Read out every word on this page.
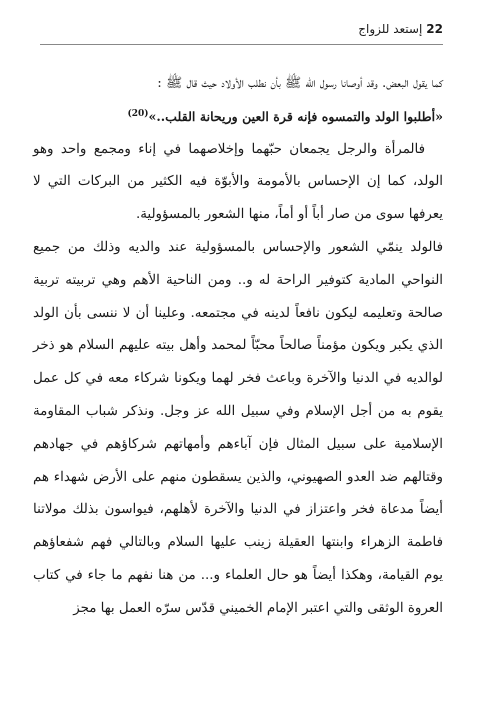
22
إستعد للزواج

كما يقول البعض. وقد أوصانا رسول الله ﷺ بأن نطلب الأولاد حيث قال ﷺ :

«أطلبوا الولد والتمسوه فإنه قرة العين وريحانة القلب..»$^{(20)}$

فالمرأة والرجل يجمعان حبّهما وإخلاصهما في إناء ومجمع واحد وهو الولد، كما إن الإحساس بالأمومة والأبوّة فيه الكثير من البركات التي لا يعرفها سوى من صار أباً أو أماً، منها الشعور بالمسؤولية.

فالولد ينمّي الشعور والإحساس بالمسؤولية عند والديه وذلك من جميع النواحي المادية كتوفير الراحة له و.. ومن الناحية الأهم وهي تربيته تربية صالحة وتعليمه ليكون نافعاً لدينه في مجتمعه. وعلينا أن لا ننسى بأن الولد الذي يكبر ويكون مؤمناً صالحاً محبّاً لمحمد وأهل بيته عليهم السلام هو ذخر لوالديه في الدنيا والآخرة وباعث فخر لهما ويكونا شركاء معه في كل عمل يقوم به من أجل الإسلام وفي سبيل الله عز وجل. ونذكر شباب المقاومة الإسلامية على سبيل المثال فإن آباءهم وأمهاتهم شركاؤهم في جهادهم وقتالهم ضد العدو الصهيوني، والذين يسقطون منهم على الأرض شهداء هم أيضاً مدعاة فخر واعتزاز في الدنيا والآخرة لأهلهم، فيواسون بذلك مولاتنا فاطمة الزهراء وابنتها العقيلة زينب عليها السلام وبالتالي فهم شفعاؤهم يوم القيامة، وهكذا أيضاً هو حال العلماء و... من هنا نفهم ما جاء في كتاب العروة الوثقى والتي اعتبر الإمام الخميني قدّس سرّه العمل بها مجز
